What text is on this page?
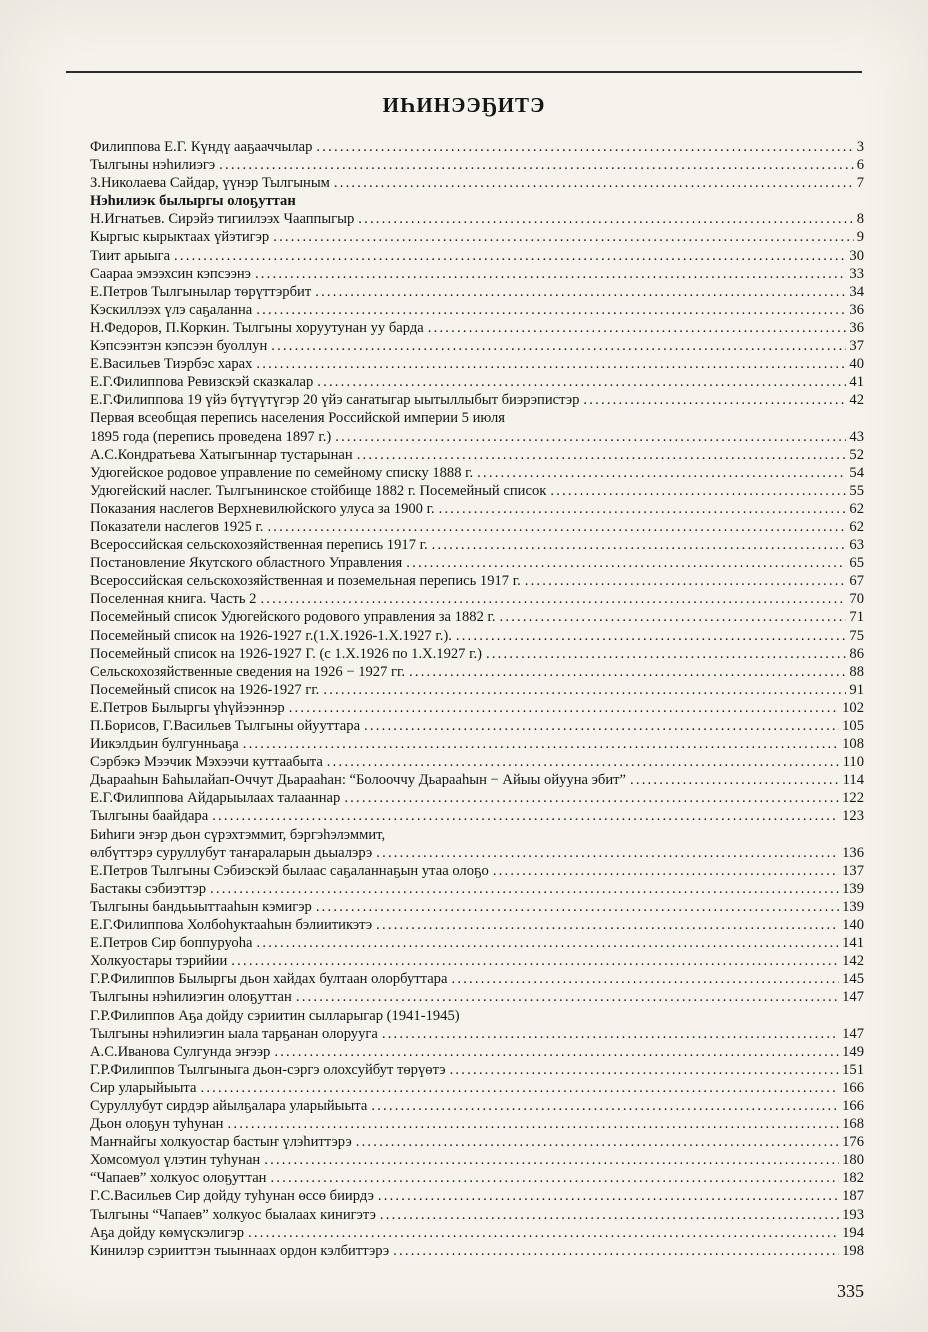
ИҺИНЭЭҔИТЭ
Филиппова Е.Г. Күндү ааҕааччылар .....	3
Тылгыны нэһилиэгэ .....	6
З.Николаева Сайдар, үүнэр Тылгыным .....	7
Нэһилиэк былыргы олоҕуттан
Н.Игнатьев. Сирэйэ тигиилээх Чааппыгыр .....	8
Кыргыс кырыктаах үйэтигэр .....	9
Тиит арыыга .....	30
Саараа эмээхсин кэпсээнэ .....	33
Е.Петров Тылгынылар төрүттэрбит .....	34
Кэскиллээх үлэ саҕаланна .....	36
Н.Федоров, П.Коркин. Тылгыны хоруутунан уу барда .....	36
Кэпсээнтэн кэпсээн буоллун .....	37
Е.Васильев Тиэрбэс харах .....	40
Е.Г.Филиппова Ревизскэй сказкалар .....	41
Е.Г.Филиппова 19 үйэ бүтүүтүгэр 20 үйэ саҥатыгар ыытыллыбыт биэрэпистэр .....	42
Первая всеобщая перепись населения Российской империи 5 июля
1895 года (перепись проведена 1897 г.) .....	43
А.С.Кондратьева Хатыгыннар тустарынан .....	52
Удюгейское родовое управление по семейному списку 1888 г. .....	54
Удюгейский наслег. Тылгынинское стойбище 1882 г. Посемейный список .....	55
Показания наслегов Верхневилюйского улуса за 1900 г. .....	62
Показатели наслегов 1925 г. .....	62
Всероссийская сельскохозяйственная перепись 1917 г. .....	63
Постановление Якутского областного Управления .....	65
Всероссийская сельскохозяйственная и поземельная перепись 1917 г. .....	67
Поселенная книга. Часть 2 .....	70
Посемейный список Удюгейского родового управления за 1882 г. .....	71
Посемейный список на 1926-1927 г.(1.X.1926-1.X.1927 г.). .....	75
Посемейный список на 1926-1927 Г. (с 1.X.1926 по 1.X.1927 г.) .....	86
Сельскохозяйственные сведения на 1926 − 1927 гг. .....	88
Посемейный список на 1926-1927 гг. .....	91
Е.Петров Былыргы үһүйээннэр .....	102
П.Борисов, Г.Васильев Тылгыны ойууттара .....	105
Иикэлдьин булгунньаҕа .....	108
Сэрбэкэ Мээчик Мэхээчи куттаабыта .....	110
Дьарааһын Баһылайап-Оччут Дьарааһан: “Болооччу Дьарааһын − Айыы ойууна эбит” .....	114
Е.Г.Филиппова Айдарыылаах талааннар .....	122
Тылгыны баайдара .....	123
Биһиги эҥэр дьон сүрэхтэммит, бэргэһэлэммит,
өлбүттэрэ суруллубут таҥараларын дьыалэрэ .....	136
Е.Петров Тылгыны Сэбиэскэй былаас саҕаланнаҕын утаа олоҕо .....	137
Бастакы сэбиэттэр .....	139
Тылгыны бандьыыттааһын кэмигэр .....	139
Е.Г.Филиппова Холбоһуктааһын бэлиитикэтэ .....	140
Е.Петров Сир боппуруоһа .....	141
Холкуостары тэрийии .....	142
Г.Р.Филиппов Былыргы дьон хайдах бултаан олорбуттара .....	145
Тылгыны нэһилиэгин олоҕуттан .....	147
Г.Р.Филиппов Аҕа дойду сэриитин сылларыгар (1941-1945)
Тылгыны нэһилиэгин ыала тарҕанан олорууга .....	147
А.С.Иванова Сулгунда эҥээр .....	149
Г.Р.Филиппов Тылгыныга дьон-сэргэ олохсуйбут төрүөтэ .....	151
Сир уларыйыыта .....	166
Суруллубут сирдэр айылҕалара уларыйыыта .....	166
Дьон олоҕун туһунан .....	168
Маҥнайгы холкуостар бастыҥ үлэһиттэрэ .....	176
Хомсомуол үлэтин туһунан .....	180
“Чапаев” холкуос олоҕуттан .....	182
Г.С.Васильев Сир дойду туһунан өссө биирдэ .....	187
Тылгыны “Чапаев” холкуос быалаах кинигэтэ .....	193
Аҕа дойду көмүскэлигэр .....	194
Кинилэр сэрииттэн тыыннаах ордон кэлбиттэрэ .....	198
335
